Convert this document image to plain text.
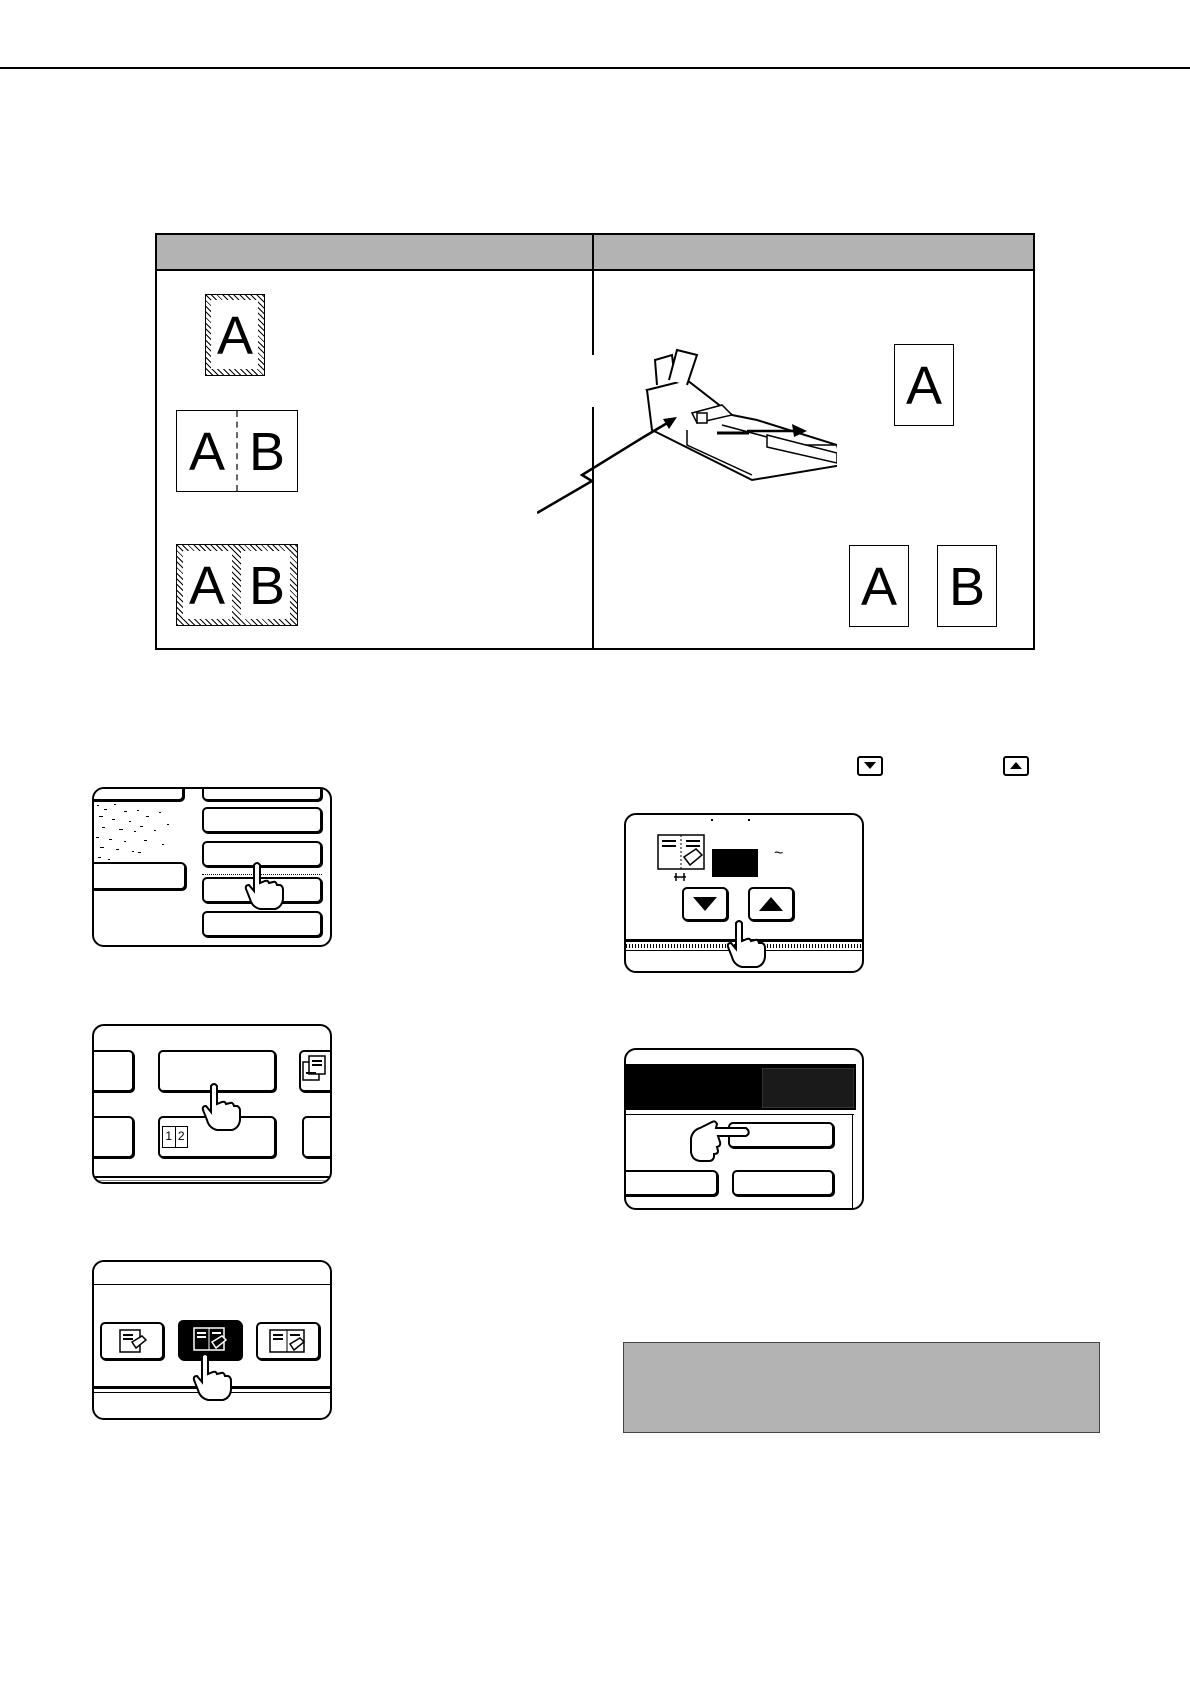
A
A B
A B
A
A B
1 2
~
